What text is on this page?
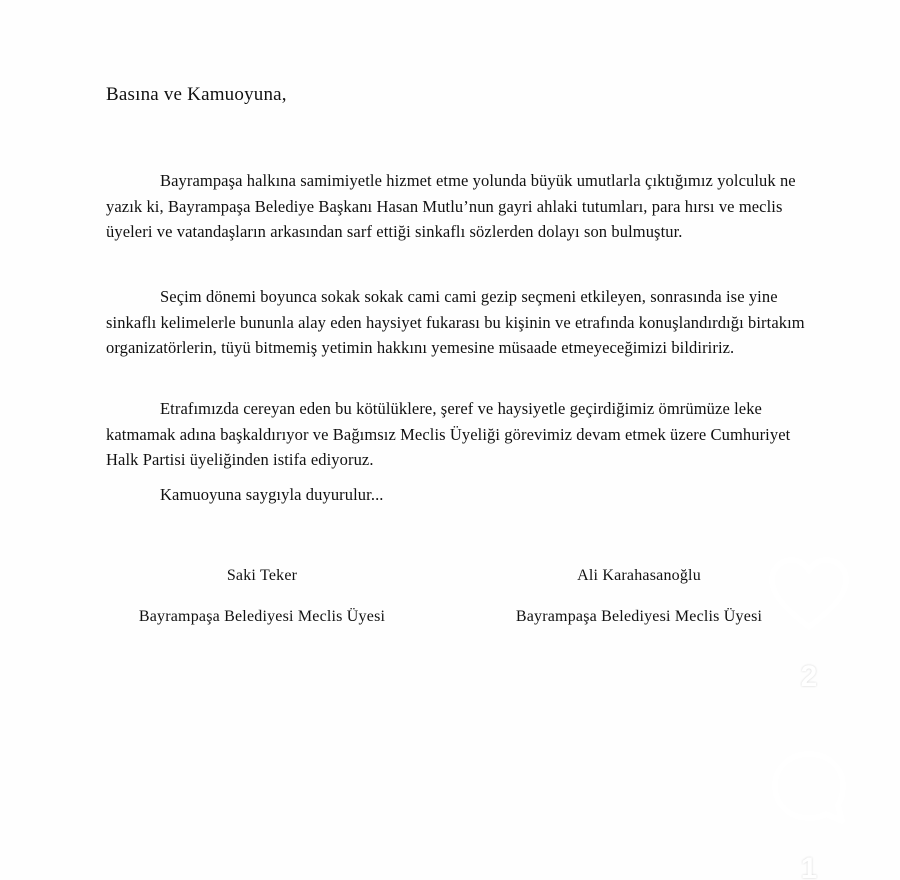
Basına ve Kamuoyuna,
Bayrampaşa halkına samimiyetle hizmet etme yolunda büyük umutlarla çıktığımız yolculuk ne yazık ki, Bayrampaşa Belediye Başkanı Hasan Mutlu’nun gayri ahlaki tutumları, para hırsı ve meclis üyeleri ve vatandaşların arkasından sarf ettiği sinkaflı sözlerden dolayı son bulmuştur.
Seçim dönemi boyunca sokak sokak cami cami gezip seçmeni etkileyen, sonrasında ise yine sinkaflı kelimelerle bununla alay eden haysiyet fukarası bu kişinin ve etrafında konuşlandırdığı birtakım organizatörlerin, tüyü bitmemiş yetimin hakkını yemesine müsaade etmeyeceğimizi bildiririz.
Etrafımızda cereyan eden bu kötülüklere, şeref ve haysiyetle geçirdiğimiz ömrümüze leke katmamak adına başkaldırıyor ve Bağımsız Meclis Üyeliği görevimiz devam etmek üzere Cumhuriyet Halk Partisi üyeliğinden istifa ediyoruz.
Kamuoyuna saygıyla duyurulur...
Saki Teker
Bayrampaşa Belediyesi Meclis Üyesi
Ali Karahasanoğlu
Bayrampaşa Belediyesi Meclis Üyesi
2
1
